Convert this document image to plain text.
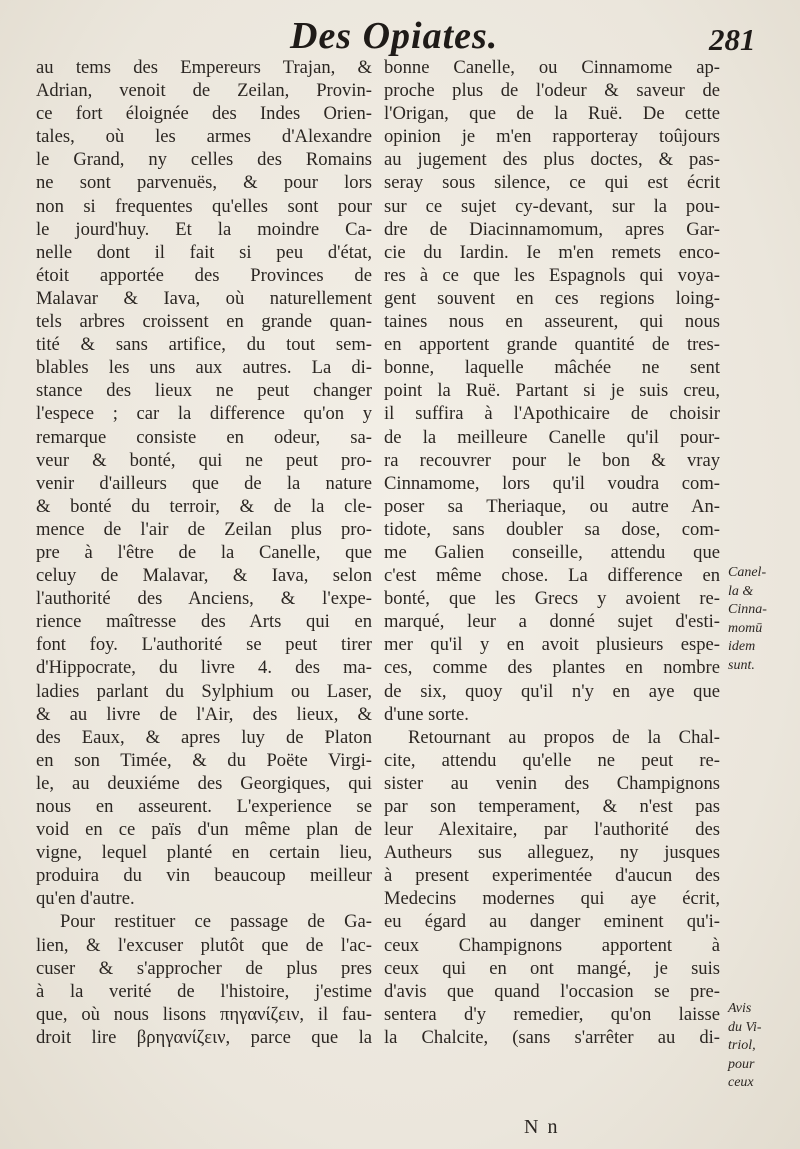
Des Opiates.	281
au tems des Empereurs Trajan, &
Adrian, venoit de Zeilan, Provin-
ce fort éloignée des Indes Orien-
tales, où les armes d'Alexandre
le Grand, ny celles des Romains
ne sont parvenuës, & pour lors
non si frequentes qu'elles sont pour
le jourd'huy. Et la moindre Ca-
nelle dont il fait si peu d'état,
étoit apportée des Provinces de
Malavar & Iava, où naturellement
tels arbres croissent en grande quan-
tité & sans artifice, du tout sem-
blables les uns aux autres. La di-
stance des lieux ne peut changer
l'espece ; car la difference qu'on y
remarque consiste en odeur, sa-
veur & bonté, qui ne peut pro-
venir d'ailleurs que de la nature
& bonté du terroir, & de la cle-
mence de l'air de Zeilan plus pro-
pre à l'être de la Canelle, que
celuy de Malavar, & Iava, selon
l'authorité des Anciens, & l'expe-
rience maîtresse des Arts qui en
font foy. L'authorité se peut tirer
d'Hippocrate, du livre 4. des ma-
ladies parlant du Sylphium ou Laser,
& au livre de l'Air, des lieux, &
des Eaux, & apres luy de Platon
en son Timée, & du Poëte Virgi-
le, au deuxiéme des Georgiques, qui
nous en asseurent. L'experience se
void en ce païs d'un même plan de
vigne, lequel planté en certain lieu,
produira du vin beaucoup meilleur
qu'en d'autre.
Pour restituer ce passage de Ga-
lien, & l'excuser plutôt que de l'ac-
cuser & s'approcher de plus pres
à la verité de l'histoire, j'estime
que, où nous lisons πηγανίζειν, il fau-
droit lire βρηγανίζειν, parce que la
bonne Canelle, ou Cinnamome ap-
proche plus de l'odeur & saveur de
l'Origan, que de la Ruë. De cette
opinion je m'en rapporteray toûjours
au jugement des plus doctes, & pas-
seray sous silence, ce qui est écrit
sur ce sujet cy-devant, sur la pou-
dre de Diacinnamomum, apres Gar-
cie du Iardin. Ie m'en remets enco-
res à ce que les Espagnols qui voya-
gent souvent en ces regions loing-
taines nous en asseurent, qui nous
en apportent grande quantité de tres-
bonne, laquelle mâchée ne sent
point la Ruë. Partant si je suis creu,
il suffira à l'Apothicaire de choisir
de la meilleure Canelle qu'il pour-
ra recouvrer pour le bon & vray
Cinnamome, lors qu'il voudra com-
poser sa Theriaque, ou autre An-
tidote, sans doubler sa dose, com-
me Galien conseille, attendu que
c'est même chose. La difference en
bonté, que les Grecs y avoient re-
marqué, leur a donné sujet d'esti-
mer qu'il y en avoit plusieurs espe-
ces, comme des plantes en nombre
de six, quoy qu'il n'y en aye que
d'une sorte.
Retournant au propos de la Chal-
cite, attendu qu'elle ne peut re-
sister au venin des Champignons
par son temperament, & n'est pas
leur Alexitaire, par l'authorité des
Autheurs sus alleguez, ny jusques
à present experimentée d'aucun des
Medecins modernes qui aye écrit,
eu égard au danger eminent qu'i-
ceux Champignons apportent à
ceux qui en ont mangé, je suis
d'avis que quand l'occasion se pre-
sentera d'y remedier, qu'on laisse
la Chalcite, (sans s'arrêter au di-
Canel-
la &
Cinna-
momū
idem
sunt.
Avis
du Vi-
triol,
pour
ceux
N n
